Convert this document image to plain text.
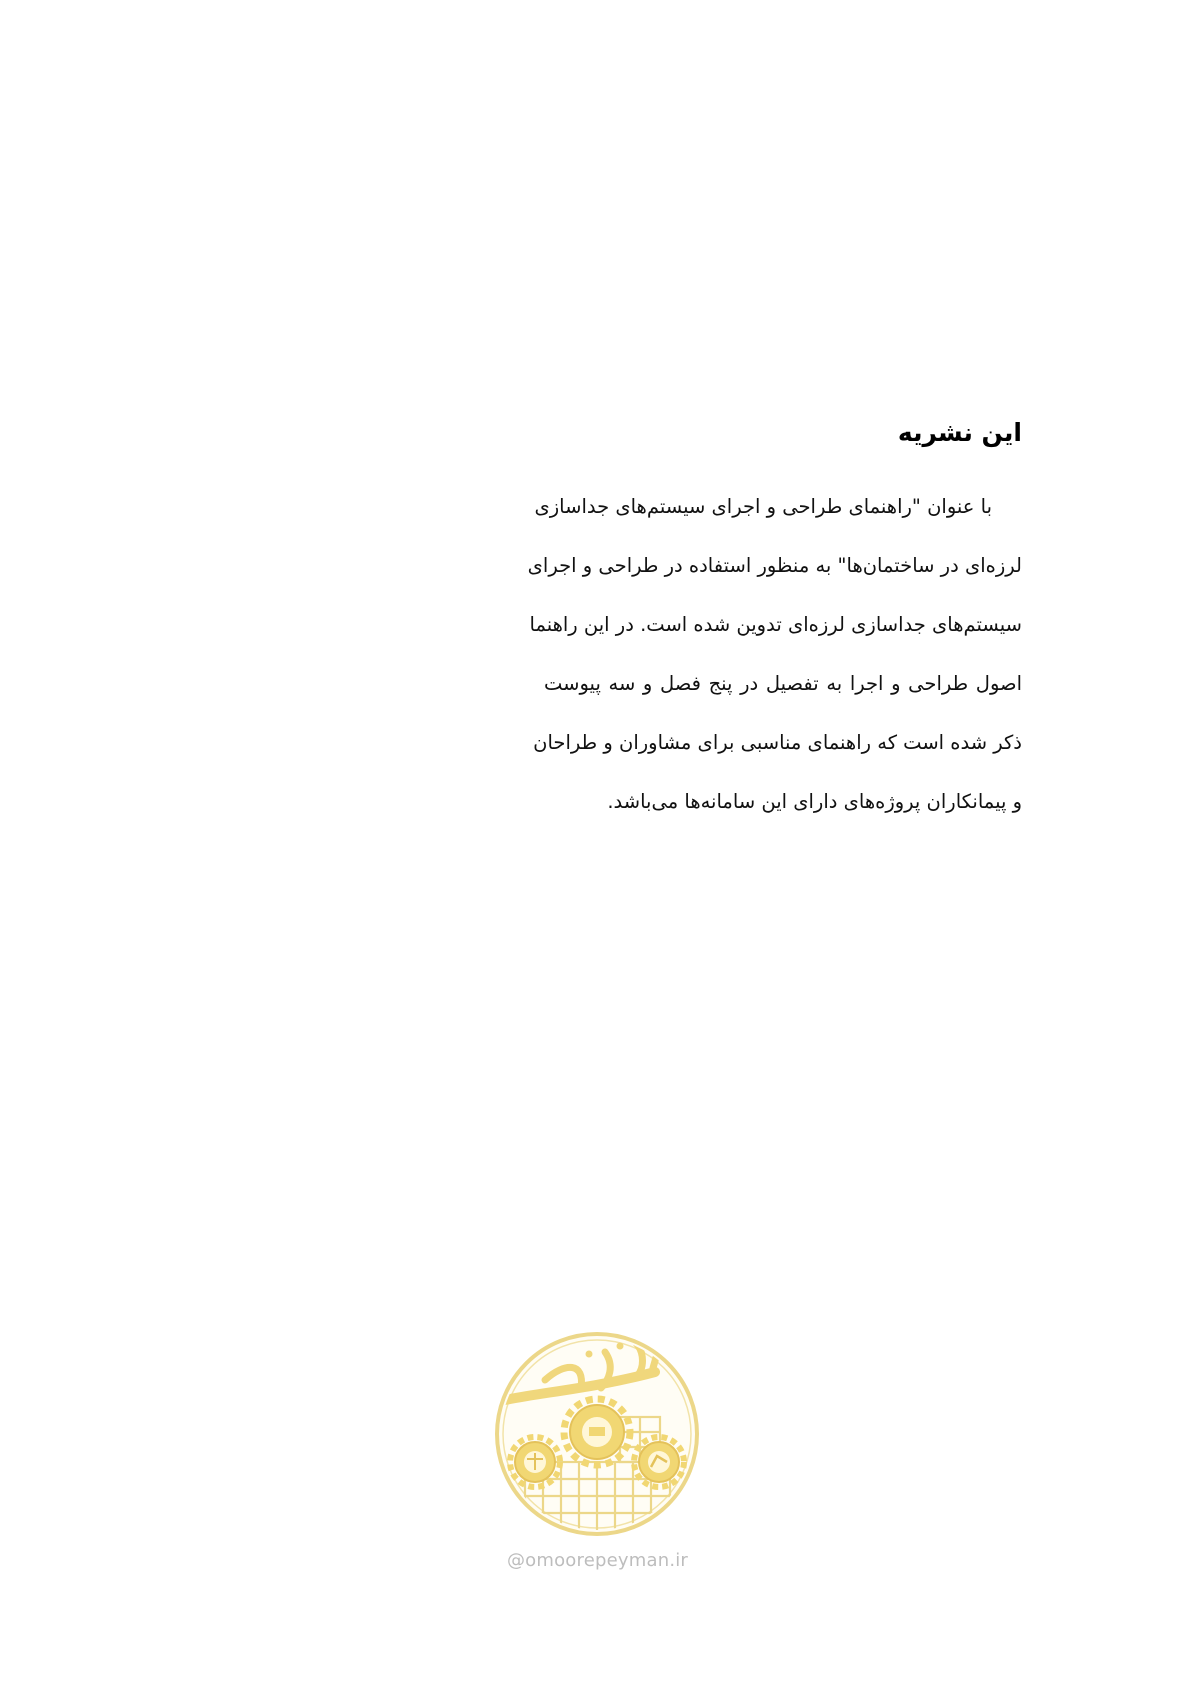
این نشریه

با عنوان "راهنمای طراحی و اجرای سیستم‌های جداسازی
لرزه‌ای در ساختمان‌ها" به منظور استفاده در طراحی و اجرای
سیستم‌های جداسازی لرزه‌ای تدوین شده است. در این راهنما
اصول طراحی و اجرا به تفصیل در پنج فصل و سه پیوست
ذکر شده است که راهنمای مناسبی برای مشاوران و طراحان
و پیمانکاران پروژه‌های دارای این سامانه‌ها می‌باشد.

@omoorepeyman.ir
